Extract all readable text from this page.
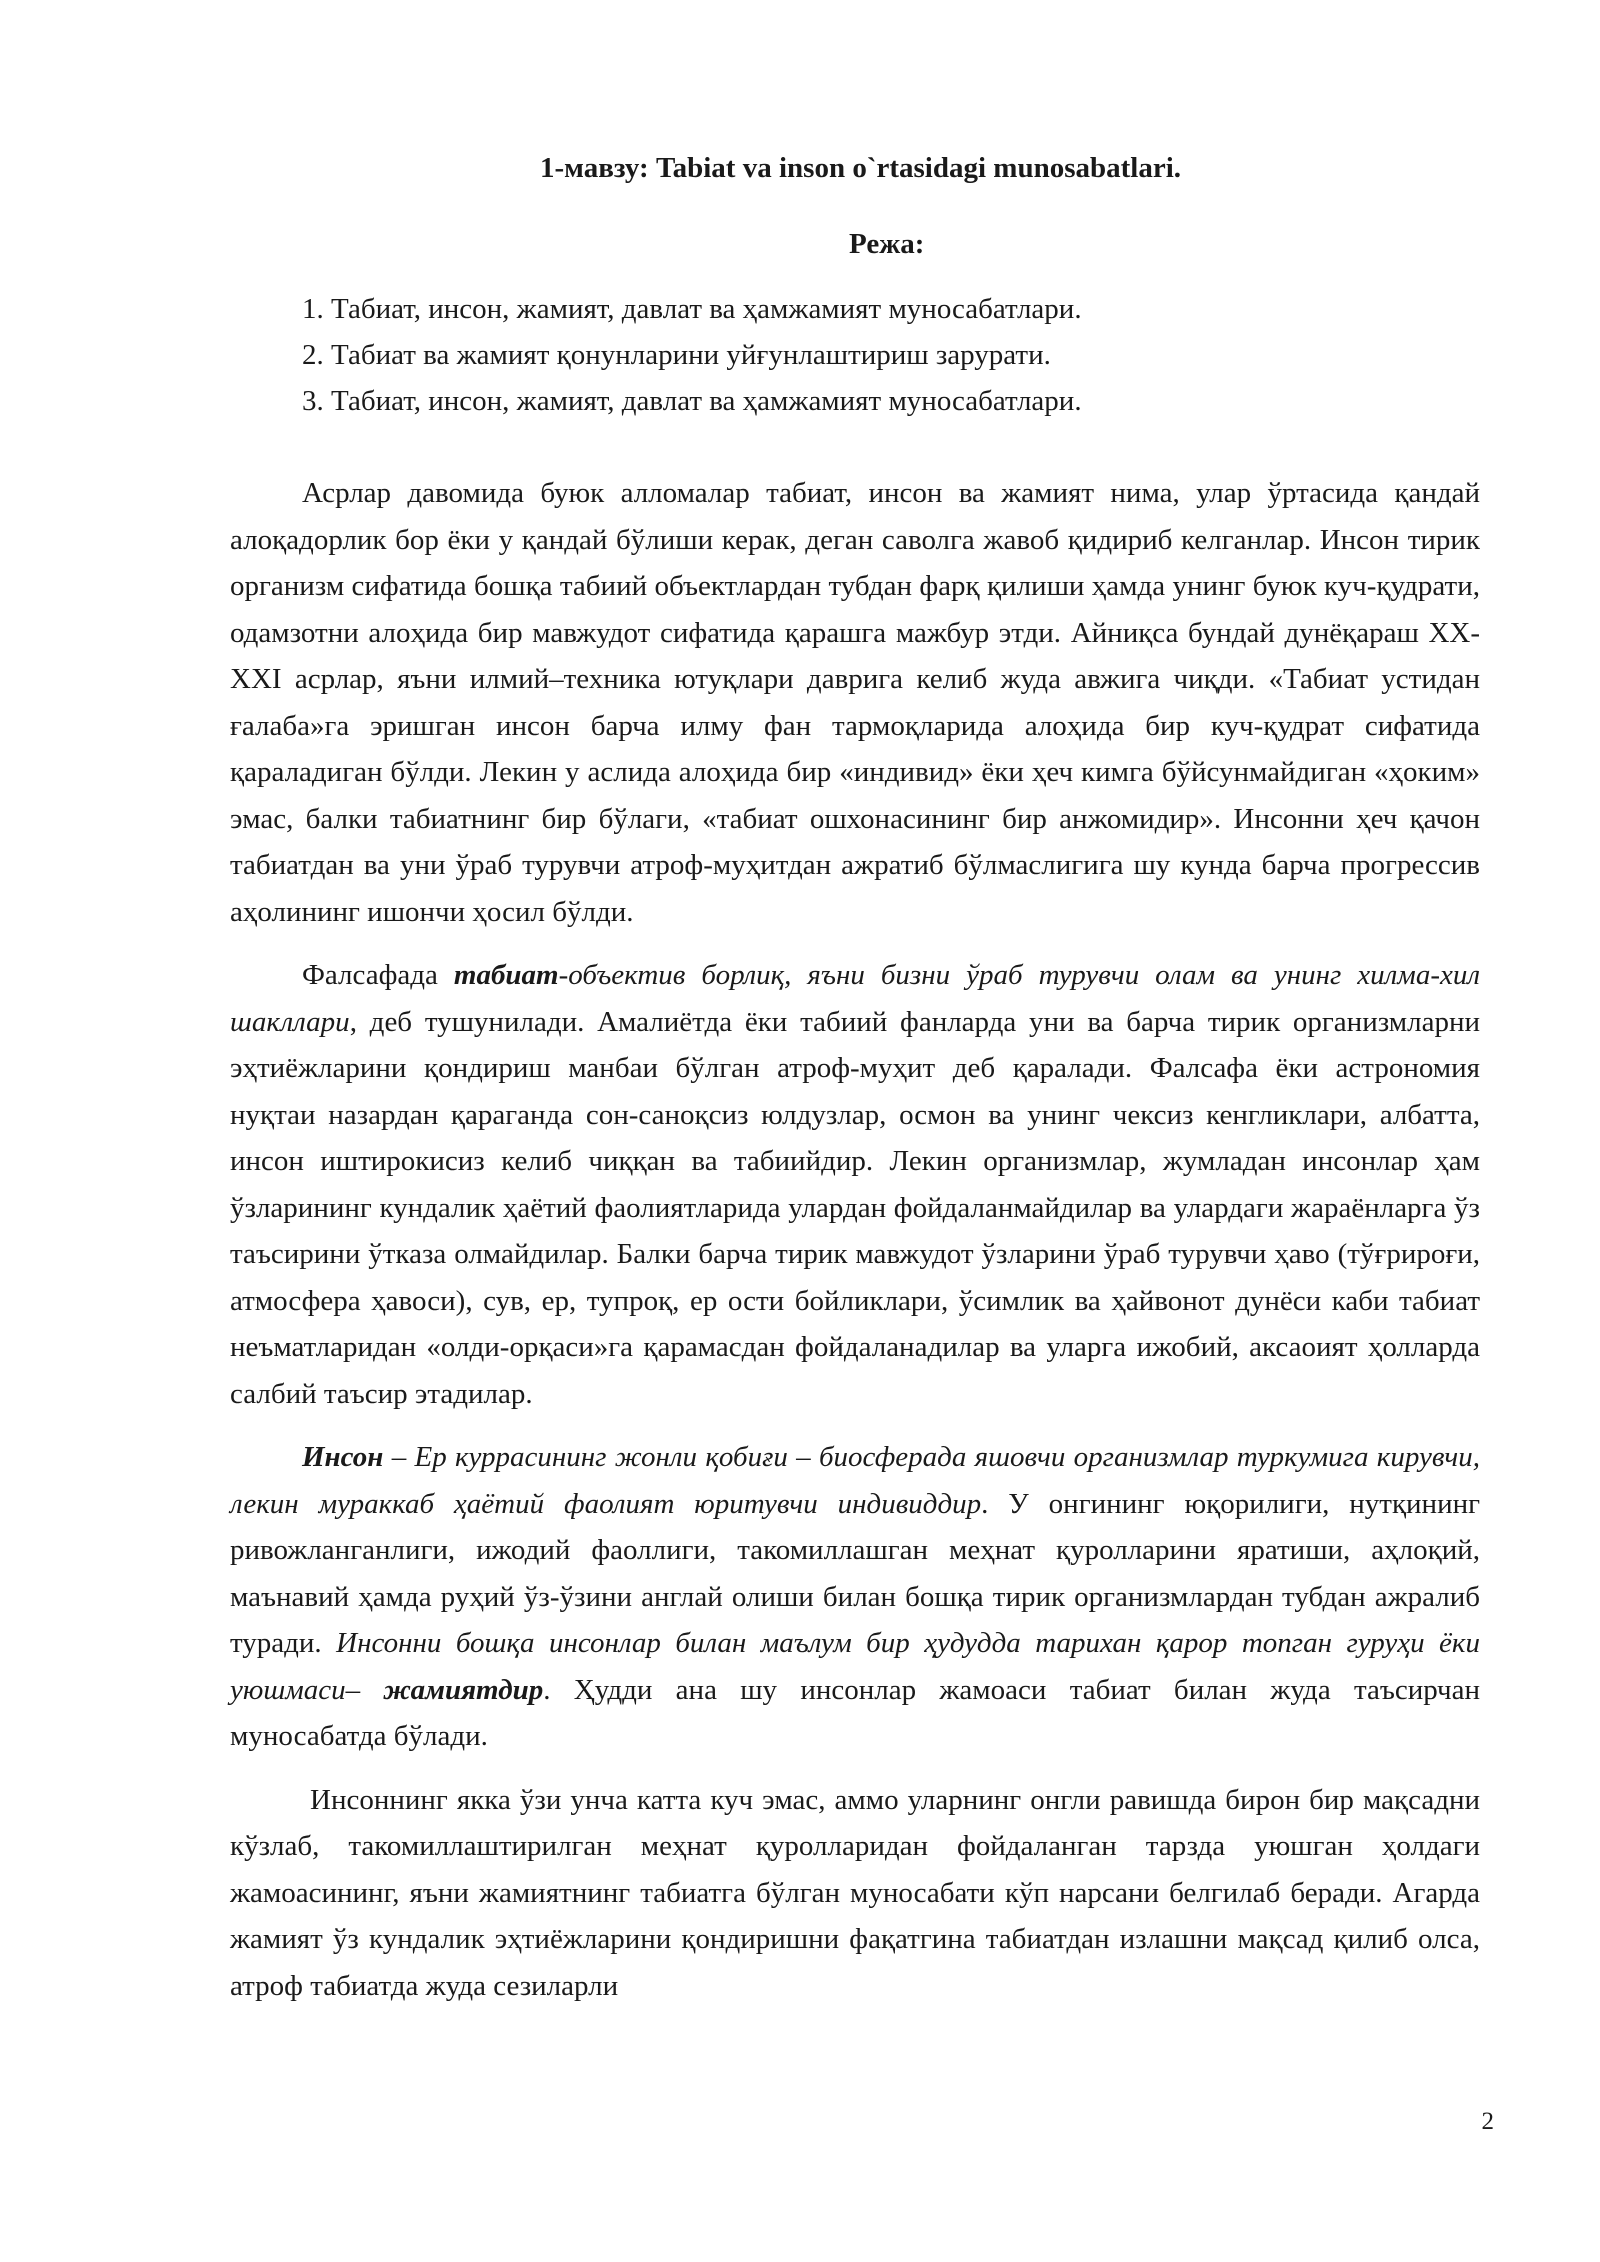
1-мавзу: Tabiat va inson o`rtasidagi munosabatlari.
Режа:
1. Табиат, инсон, жамият, давлат ва ҳамжамият муносабатлари.
2. Табиат ва жамият қонунларини уйғунлаштириш зарурати.
3. Табиат, инсон, жамият, давлат ва ҳамжамият муносабатлари.

Асрлар давомида буюк алломалар табиат, инсон ва жамият нима, улар ўртасида қандай алоқадорлик бор ёки у қандай бўлиши керак, деган саволга жавоб қидириб келганлар. Инсон тирик организм сифатида бошқа табиий объектлардан тубдан фарқ қилиши ҳамда унинг буюк куч-қудрати, одамзотни алоҳида бир мавжудот сифатида қарашга мажбур этди. Айниқса бундай дунёқараш XX-XXI асрлар, яъни илмий–техника ютуқлари даврига келиб жуда авжига чиқди. «Табиат устидан ғалаба»га эришган инсон барча илму фан тармоқларида алоҳида бир куч-қудрат сифатида қараладиган бўлди. Лекин у аслида алоҳида бир «индивид» ёки ҳеч кимга бўйсунмайдиган «ҳоким» эмас, балки табиатнинг бир бўлаги, «табиат ошхонасининг бир анжомидир». Инсонни ҳеч қачон табиатдан ва уни ўраб турувчи атроф-муҳитдан ажратиб бўлмаслигига шу кунда барча прогрессив аҳолининг ишончи ҳосил бўлди.

Фалсафада табиат-объектив борлиқ, яъни бизни ўраб турувчи олам ва унинг хилма-хил шакллари, деб тушунилади. Амалиётда ёки табиий фанларда уни ва барча тирик организмларни эҳтиёжларини қондириш манбаи бўлган атроф-муҳит деб қаралади. Фалсафа ёки астрономия нуқтаи назардан қараганда сон-саноқсиз юлдузлар, осмон ва унинг чексиз кенгликлари, албатта, инсон иштирокисиз келиб чиққан ва табиийдир. Лекин организмлар, жумладан инсонлар ҳам ўзларининг кундалик ҳаётий фаолиятларида улардан фойдаланмайдилар ва улардаги жараёнларга ўз таъсирини ўтказа олмайдилар. Балки барча тирик мавжудот ўзларини ўраб турувчи ҳаво (тўғрироғи, атмосфера ҳавоси), сув, ер, тупроқ, ер ости бойликлари, ўсимлик ва ҳайвонот дунёси каби табиат неъматларидан «олди-орқаси»га қарамасдан фойдаланадилар ва уларга ижобий, аксаоият ҳолларда салбий таъсир этадилар.

Инсон – Ер куррасининг жонли қобиғи – биосферада яшовчи организмлар туркумига кирувчи, лекин мураккаб ҳаётий фаолият юритувчи индивиддир. У онгининг юқорилиги, нутқининг ривожланганлиги, ижодий фаоллиги, такомиллашган меҳнат қуролларини яратиши, аҳлоқий, маънавий ҳамда руҳий ўз-ўзини англай олиши билан бошқа тирик организмлардан тубдан ажралиб туради. Инсонни бошқа инсонлар билан маълум бир ҳудудда тарихан қарор топган гуруҳи ёки уюшмаси– жамиятдир. Ҳудди ана шу инсонлар жамоаси табиат билан жуда таъсирчан муносабатда бўлади.

Инсоннинг якка ўзи унча катта куч эмас, аммо уларнинг онгли равишда бирон бир мақсадни кўзлаб, такомиллаштирилган меҳнат қуролларидан фойдаланган тарзда уюшган ҳолдаги жамоасининг, яъни жамиятнинг табиатга бўлган муносабати кўп нарсани белгилаб беради. Агарда жамият ўз кундалик эҳтиёжларини қондиришни фақатгина табиатдан излашни мақсад қилиб олса, атроф табиатда жуда сезиларли

2
